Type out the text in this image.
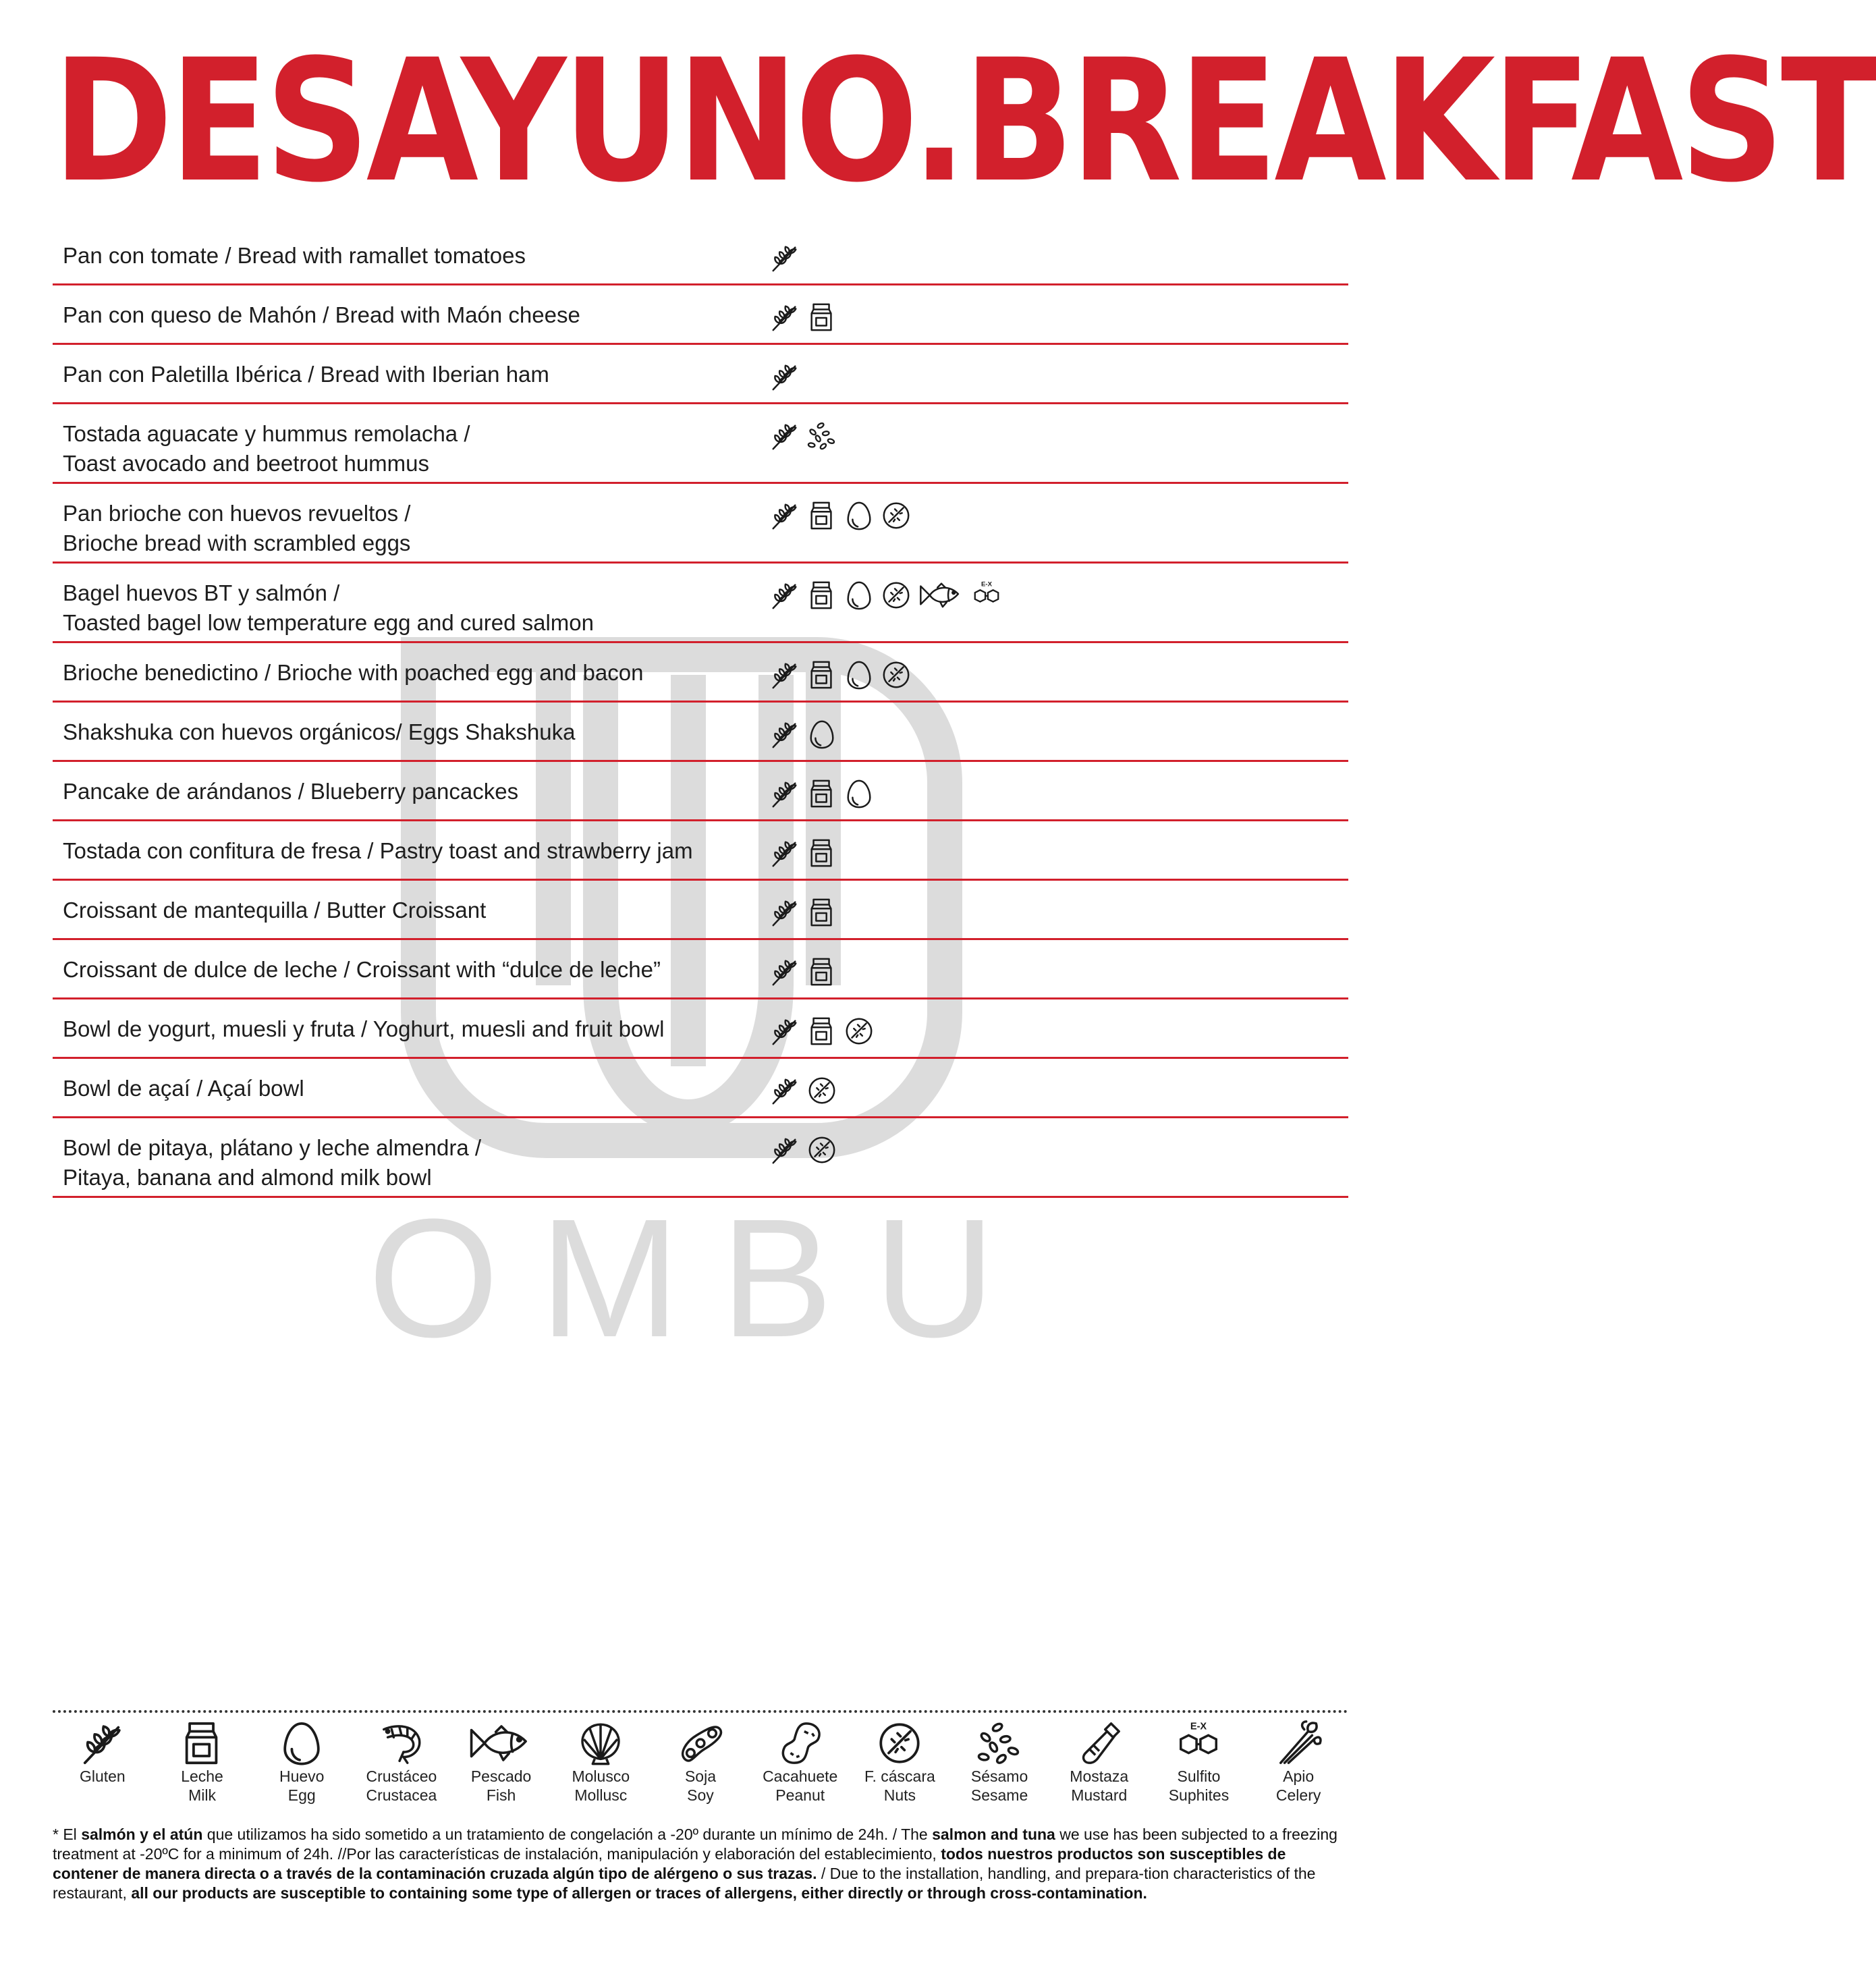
OMBU
DESAYUNO.BREAKFAST
Pan con tomate / Bread with ramallet tomatoes
Pan con queso de Mahón / Bread with Maón cheese
Pan con Paletilla Ibérica / Bread with Iberian ham
Tostada aguacate y hummus remolacha /
Toast avocado and beetroot hummus
Pan brioche con huevos revueltos /
Brioche bread with scrambled eggs
Bagel huevos BT y salmón /
Toasted bagel low temperature egg and cured salmon
E-X
Brioche benedictino / Brioche with poached egg and bacon
Shakshuka con huevos orgánicos/ Eggs Shakshuka
Pancake de arándanos / Blueberry pancackes
Tostada con confitura de fresa / Pastry toast and strawberry jam
Croissant de mantequilla / Butter Croissant
Croissant de dulce de leche / Croissant with “dulce de leche”
Bowl de yogurt, muesli y fruta / Yoghurt, muesli and fruit bowl
Bowl de açaí / Açaí bowl
Bowl de pitaya, plátano y leche almendra /
Pitaya, banana and almond milk bowl
Gluten	Leche
Milk
Huevo
Egg
Crustáceo
Crustacea
Pescado
Fish
Molusco
Mollusc
Soja
Soy
Cacahuete
Peanut
F. cáscara
Nuts
Sésamo
Sesame
Mostaza
Mustard
E-X
Sulfito
Suphites
Apio
Celery
* El salmón y el atún que utilizamos ha sido sometido a un tratamiento de congelación a -20º durante un mínimo de 24h. / The salmon and tuna we use has been subjected to a freezing treatment at -20ºC for a minimum of 24h. //Por las características de instalación, manipulación y elaboración del establecimiento, todos nuestros productos son susceptibles de contener de manera directa o a través de la contaminación cruzada algún tipo de alérgeno o sus trazas. / Due to the installation, handling, and prepara-tion characteristics of the restaurant, all our products are susceptible to containing some type of allergen or traces of allergens, either directly or through cross-contamination.
